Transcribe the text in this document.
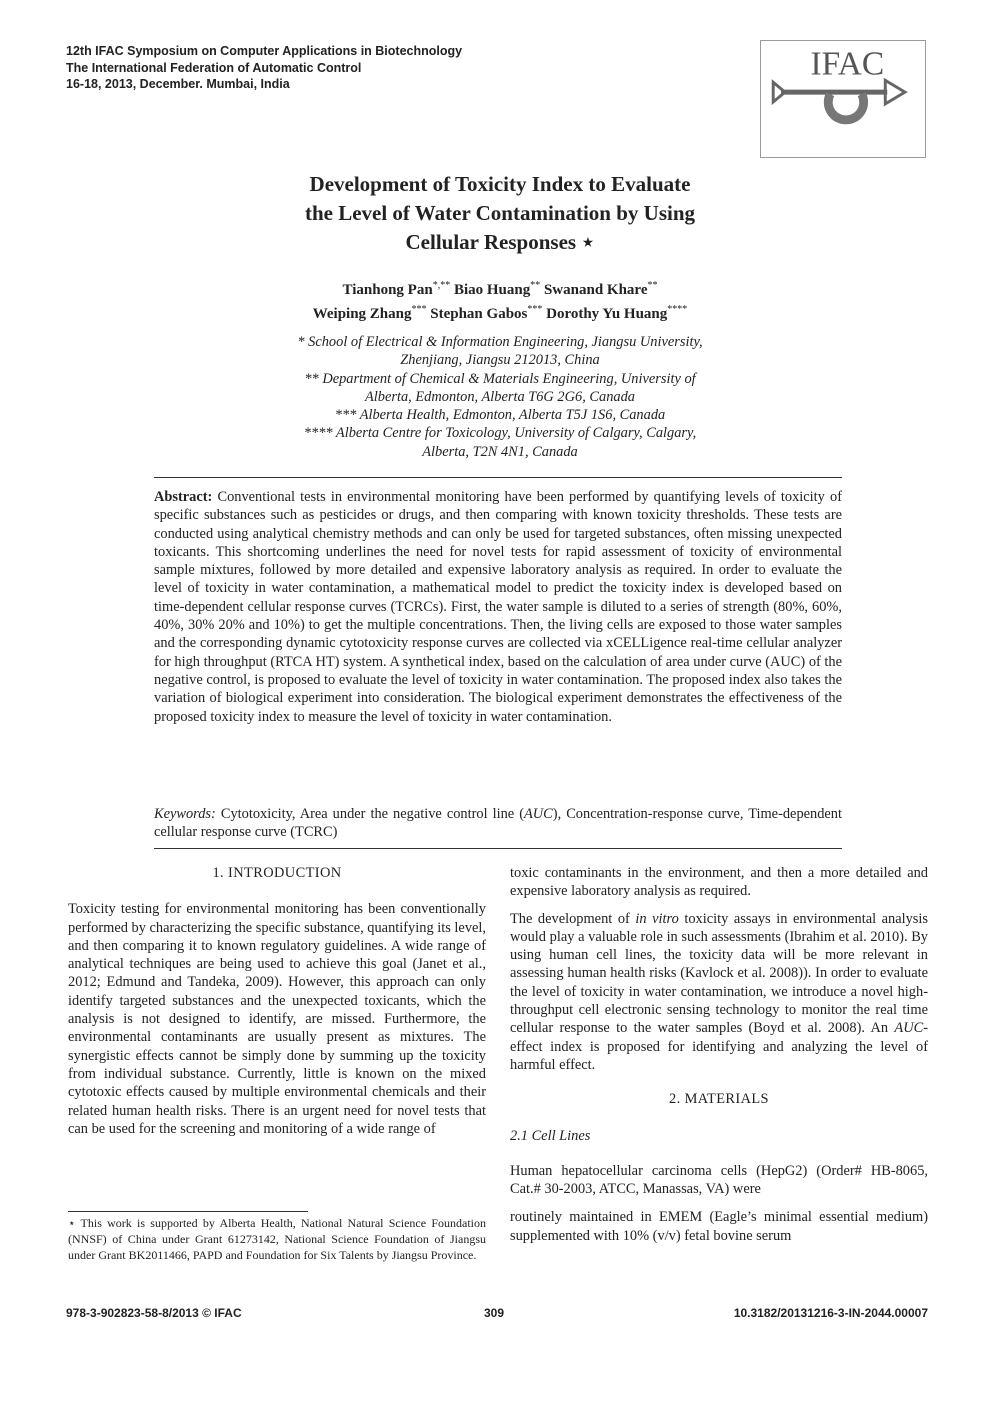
12th IFAC Symposium on Computer Applications in Biotechnology
The International Federation of Automatic Control
16-18, 2013, December. Mumbai, India
IFAC
Development of Toxicity Index to Evaluate
the Level of Water Contamination by Using
Cellular Responses ⋆
Tianhong Pan*,** Biao Huang** Swanand Khare**
Weiping Zhang*** Stephan Gabos*** Dorothy Yu Huang****
* School of Electrical & Information Engineering, Jiangsu University,
Zhenjiang, Jiangsu 212013, China
** Department of Chemical & Materials Engineering, University of
Alberta, Edmonton, Alberta T6G 2G6, Canada
*** Alberta Health, Edmonton, Alberta T5J 1S6, Canada
**** Alberta Centre for Toxicology, University of Calgary, Calgary,
Alberta, T2N 4N1, Canada
Abstract: Conventional tests in environmental monitoring have been performed by quantifying levels of toxicity of specific substances such as pesticides or drugs, and then comparing with known toxicity thresholds. These tests are conducted using analytical chemistry methods and can only be used for targeted substances, often missing unexpected toxicants. This shortcoming underlines the need for novel tests for rapid assessment of toxicity of environmental sample mixtures, followed by more detailed and expensive laboratory analysis as required. In order to evaluate the level of toxicity in water contamination, a mathematical model to predict the toxicity index is developed based on time-dependent cellular response curves (TCRCs). First, the water sample is diluted to a series of strength (80%, 60%, 40%, 30% 20% and 10%) to get the multiple concentrations. Then, the living cells are exposed to those water samples and the corresponding dynamic cytotoxicity response curves are collected via xCELLigence real-time cellular analyzer for high throughput (RTCA HT) system. A synthetical index, based on the calculation of area under curve (AUC) of the negative control, is proposed to evaluate the level of toxicity in water contamination. The proposed index also takes the variation of biological experiment into consideration. The biological experiment demonstrates the effectiveness of the proposed toxicity index to measure the level of toxicity in water contamination.
Keywords: Cytotoxicity, Area under the negative control line (AUC), Concentration-response curve, Time-dependent cellular response curve (TCRC)
1. INTRODUCTION

Toxicity testing for environmental monitoring has been conventionally performed by characterizing the specific substance, quantifying its level, and then comparing it to known regulatory guidelines. A wide range of analytical techniques are being used to achieve this goal (Janet et al., 2012; Edmund and Tandeka, 2009). However, this approach can only identify targeted substances and the unexpected toxicants, which the analysis is not designed to identify, are missed. Furthermore, the environmental contaminants are usually present as mixtures. The synergistic effects cannot be simply done by summing up the toxicity from individual substance. Currently, little is known on the mixed cytotoxic effects caused by multiple environmental chemicals and their related human health risks. There is an urgent need for novel tests that can be used for the screening and monitoring of a wide range of

toxic contaminants in the environment, and then a more detailed and expensive laboratory analysis as required.

The development of in vitro toxicity assays in environmental analysis would play a valuable role in such assessments (Ibrahim et al. 2010). By using human cell lines, the toxicity data will be more relevant in assessing human health risks (Kavlock et al. 2008)). In order to evaluate the level of toxicity in water contamination, we introduce a novel high-throughput cell electronic sensing technology to monitor the real time cellular response to the water samples (Boyd et al. 2008). An AUC-effect index is proposed for identifying and analyzing the level of harmful effect.

2. MATERIALS
2.1 Cell Lines

Human hepatocellular carcinoma cells (HepG2) (Order# HB-8065, Cat.# 30-2003, ATCC, Manassas, VA) were

routinely maintained in EMEM (Eagle’s minimal essential medium) supplemented with 10% (v/v) fetal bovine serum

⋆ This work is supported by Alberta Health, National Natural Science Foundation (NNSF) of China under Grant 61273142, National Science Foundation of Jiangsu under Grant BK2011466, PAPD and Foundation for Six Talents by Jiangsu Province.
978-3-902823-58-8/2013 © IFAC	309	10.3182/20131216-3-IN-2044.00007
